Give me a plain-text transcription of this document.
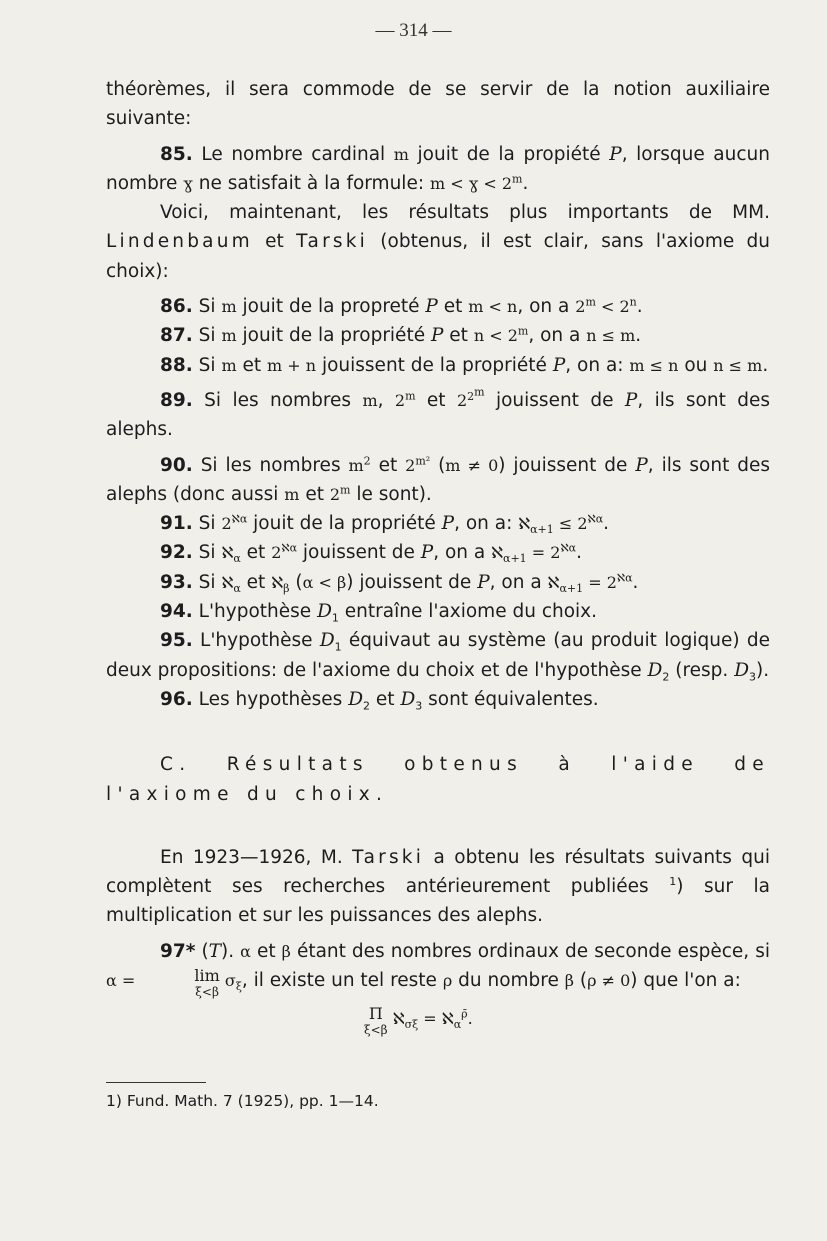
— 314 —

théorèmes, il sera commode de se servir de la notion auxiliaire suivante:

85. Le nombre cardinal m jouit de la propiété P, lorsque aucun nombre ɣ ne satisfait à la formule: m < ɣ < $2^m$.

Voici, maintenant, les résultats plus importants de MM. Lindenbaum et Tarski (obtenus, il est clair, sans l'axiome du choix):

86. Si m jouit de la propreté P et m < n, on a $2^m < 2^n$.

87. Si m jouit de la propriété P et $n < 2^m$, on a n ≤ m.

88. Si m et m + n jouissent de la propriété P, on a: m ≤ n ou n ≤ m.

89. Si les nombres m, 2$^m$ et $2^{2^m}$ jouissent de P, ils sont des alephs.

90. Si les nombres $m^2$ et $2^{m^2}$ (m ≠ 0) jouissent de P, ils sont des alephs (donc aussi m et 2$^m$ le sont).

91. Si $2^{ℵ\alpha}$ jouit de la propriété P, on a: ℵ$_{\alpha+1}$ ≤ $2^{ℵ\alpha}$.

92. Si ℵ$_\alpha$ et $2^{ℵ\alpha}$ jouissent de P, on a ℵ$_{\alpha+1}$ = $2^{ℵ\alpha}$.

93. Si ℵ$_\alpha$ et ℵ$_\beta$ (α < β) jouissent de P, on a ℵ$_{\alpha+1}$ = $2^{ℵ\alpha}$.

94. L'hypothèse $D_1$ entraîne l'axiome du choix.

95. L'hypothèse $D_1$ équivaut au système (au produit logique) de deux propositions: de l'axiome du choix et de l'hypothèse $D_2$ (resp. $D_3$).

96. Les hypothèses $D_2$ et $D_3$ sont équivalentes.

C. Résultats obtenus à l'aide de l'axiome du choix.

En 1923—1926, M. Tarski a obtenu les résultats suivants qui complètent ses recherches antérieurement publiées $^1$) sur la multiplication et sur les puissances des alephs.

97* (T). α et β étant des nombres ordinaux de seconde espèce, si α =	lim
ξ<β
$\sigma_\xi$, il existe un tel reste ρ du nombre β (ρ ≠ 0) que l'on a:

Π
ξ<β
ℵ$_{\sigma\xi}$ = ℵ$_\alpha^{\rhō}$.

1) Fund. Math. 7 (1925), pp. 1—14.
